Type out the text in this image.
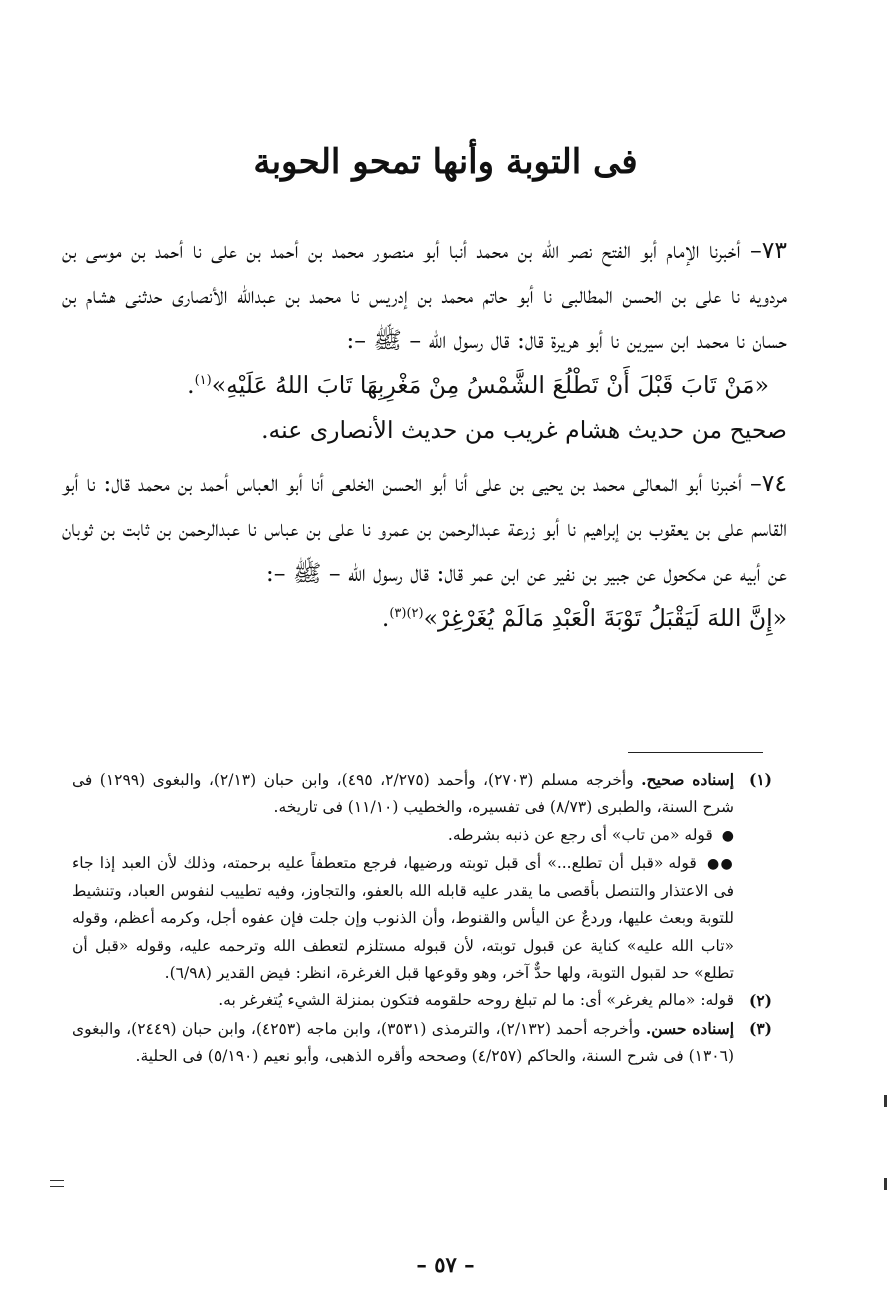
فى التوبة وأنها تمحو الحوبة

٧٣– أخبرنا الإمام أبو الفتح نصر الله بن محمد أنبا أبو منصور محمد بن أحمد بن على نا أحمد بن موسى بن مردويه نا على بن الحسن المطالبى نا أبو حاتم محمد بن إدريس نا محمد بن عبدالله الأنصارى حدثنى هشام بن حسان نا محمد ابن سيرين نا أبو هريرة قال: قال رسول الله – ﷺ –:

«مَنْ تَابَ قَبْلَ أَنْ تَطْلُعَ الشَّمْسُ مِنْ مَغْرِبِهَا تَابَ اللهُ عَلَيْهِ»$^{(١)}$.

صحيح من حديث هشام غريب من حديث الأنصارى عنه.

٧٤– أخبرنا أبو المعالى محمد بن يحيى بن على أنا أبو الحسن الخلعى أنا أبو العباس أحمد بن محمد قال: نا أبو القاسم على بن يعقوب بن إبراهيم نا أبو زرعة عبدالرحمن بن عمرو نا على بن عباس نا عبدالرحمن بن ثابت بن ثوبان عن أبيه عن مكحول عن جبير بن نفير عن ابن عمر قال: قال رسول الله – ﷺ –:

«إِنَّ اللهَ لَيَقْبَلُ تَوْبَةَ الْعَبْدِ مَالَمْ يُغَرْغِرْ»$^{(٢)(٣)}$.

(١)
إسناده صحيح. وأخرجه مسلم (٢٧٠٣)، وأحمد (٢/٢٧٥، ٤٩٥)، وابن حبان (٢/١٣)، والبغوى (١٢٩٩) فى شرح السنة، والطبرى (٨/٧٣) فى تفسيره، والخطيب (١١/١٠) فى تاريخه.

● قوله «من تاب» أى رجع عن ذنبه بشرطه.

●● قوله «قبل أن تطلع...» أى قبل توبته ورضيها، فرجع متعطفاً عليه برحمته، وذلك لأن العبد إذا جاء فى الاعتذار والتنصل بأقصى ما يقدر عليه قابله الله بالعفو، والتجاوز، وفيه تطييب لنفوس العباد، وتنشيط للتوبة وبعث عليها، وردعٌ عن اليأس والقنوط، وأن الذنوب وإن جلت فإن عفوه أجل، وكرمه أعظم، وقوله «تاب الله عليه» كناية عن قبول توبته، لأن قبوله مستلزم لتعطف الله وترحمه عليه، وقوله «قبل أن تطلع» حد لقبول التوبة، ولها حدٌّ آخر، وهو وقوعها قبل الغرغرة، انظر: فيض القدير (٦/٩٨).

(٢)
قوله: «مالم يغرغر» أى: ما لم تبلغ روحه حلقومه فتكون بمنزلة الشيء يُتغرغر به.

(٣)
إسناده حسن. وأخرجه أحمد (٢/١٣٢)، والترمذى (٣٥٣١)، وابن ماجه (٤٢٥٣)، وابن حبان (٢٤٤٩)، والبغوى (١٣٠٦) فى شرح السنة، والحاكم (٤/٢٥٧) وصححه وأقره الذهبى، وأبو نعيم (٥/١٩٠) فى الحلية.

– ٥٧ –
